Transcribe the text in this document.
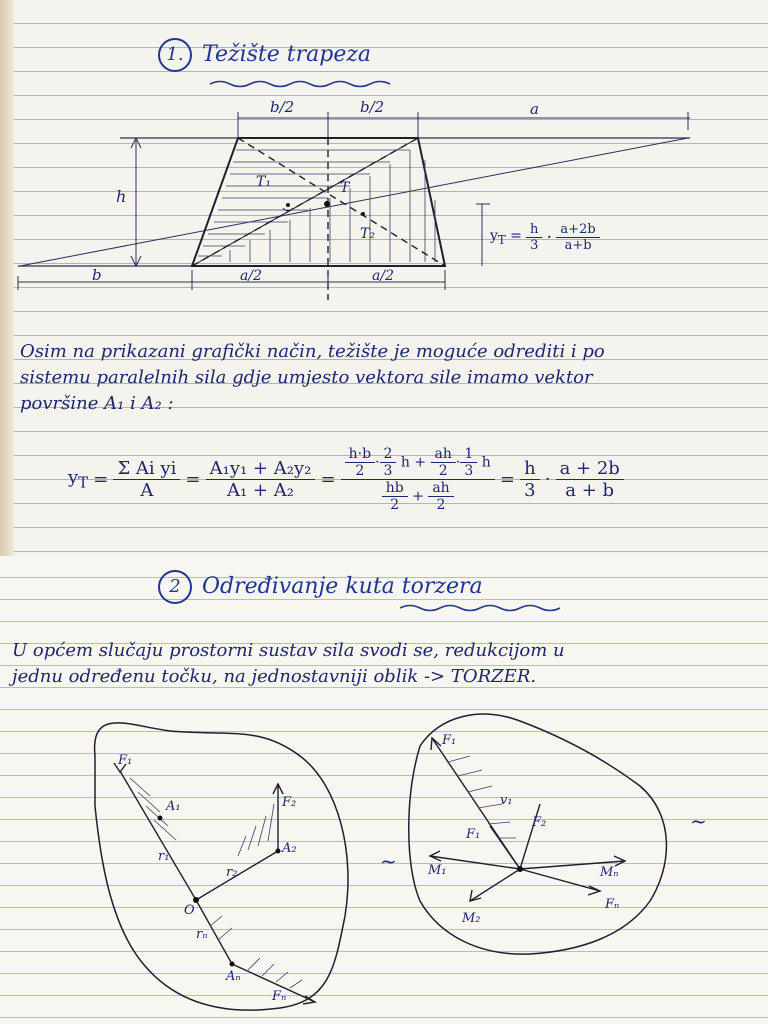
1. Težište trapeza
b/2	b/2	a
h
b	a/2	a/2
T₁	T
T₂	$y_T = \frac{h}{3} \cdot \frac{a+2b}{a+b}$
Osim na prikazani grafički način, težište je moguće odrediti i po
sistemu paralelnih sila gdje umjesto vektora sile imamo vektor
površine A₁ i A₂ :
$y_T = \frac{\text{Σ Ai yi}}{A} = \frac{\text{A₁y₁ + A₂y₂}}{\text{A₁ + A₂}} = \frac{\frac{h\cdot b}{2} \cdot \frac{2}{3} h + \frac{ah}{2} \cdot \frac{1}{3} h}{\frac{hb}{2} + \frac{ah}{2}} = \frac{h}{3} \cdot \frac{a + 2b}{a + b}$
2 Određivanje kuta torzera
U općem slučaju prostorni sustav sila svodi se, redukcijom u
jednu određenu točku, na jednostavniji oblik -> TORZER.
F₁
A₁	F₂
r₁
A₂
r₂
O
rₙ
Aₙ
Fₙ
~
F₁
v₁
F₁
F₂
M₁	Mₙ
M₂
Fₙ
~
